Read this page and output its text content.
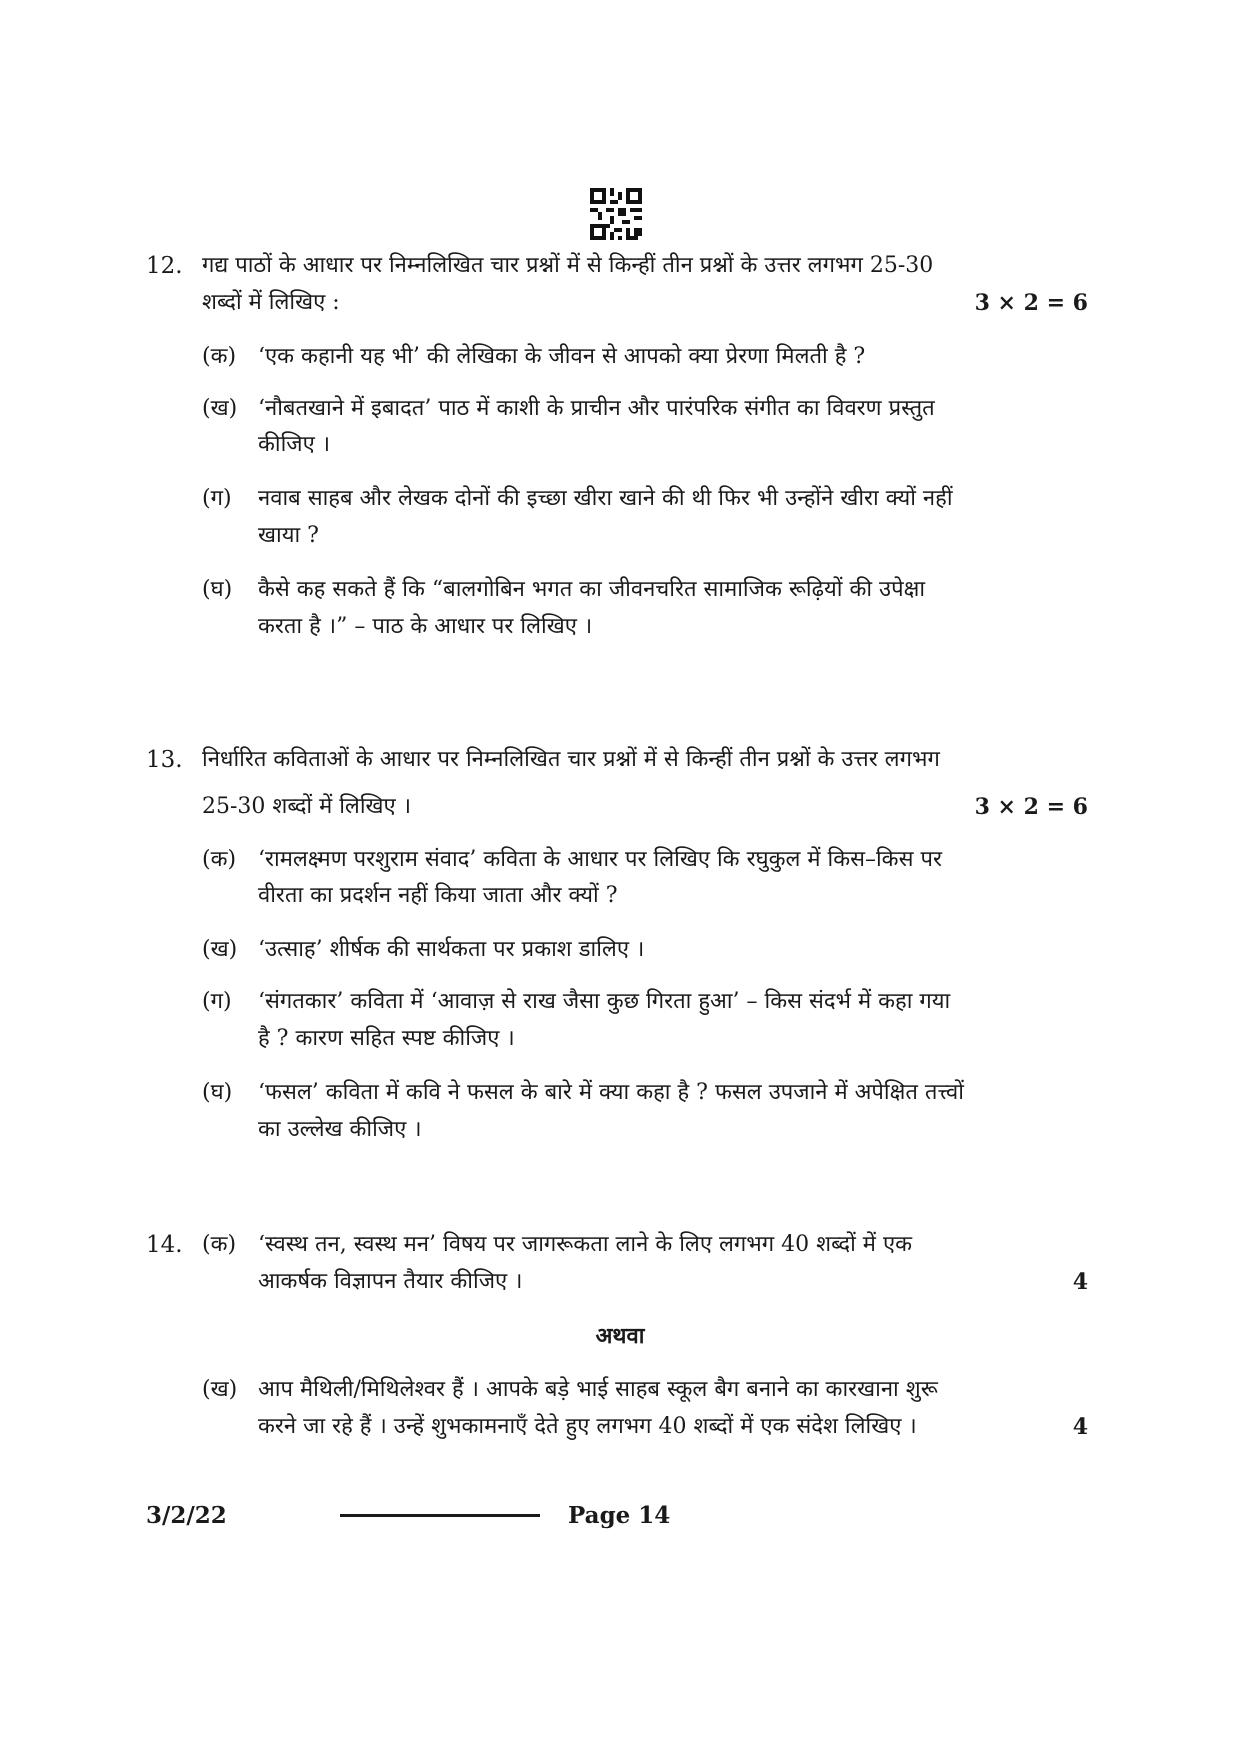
12. गद्य पाठों के आधार पर निम्नलिखित चार प्रश्नों में से किन्हीं तीन प्रश्नों के उत्तर लगभग 25-30
शब्दों में लिखिए :	3 × 2 = 6
(क) ‘एक कहानी यह भी’ की लेखिका के जीवन से आपको क्या प्रेरणा मिलती है ?
(ख) ‘नौबतखाने में इबादत’ पाठ में काशी के प्राचीन और पारंपरिक संगीत का विवरण प्रस्तुत
कीजिए ।
(ग) नवाब साहब और लेखक दोनों की इच्छा खीरा खाने की थी फिर भी उन्होंने खीरा क्यों नहीं
खाया ?
(घ) कैसे कह सकते हैं कि “बालगोबिन भगत का जीवनचरित सामाजिक रूढ़ियों की उपेक्षा
करता है ।” – पाठ के आधार पर लिखिए ।
13. निर्धारित कविताओं के आधार पर निम्नलिखित चार प्रश्नों में से किन्हीं तीन प्रश्नों के उत्तर लगभग
25-30 शब्दों में लिखिए ।	3 × 2 = 6
(क) ‘रामलक्ष्मण परशुराम संवाद’ कविता के आधार पर लिखिए कि रघुकुल में किस–किस पर
वीरता का प्रदर्शन नहीं किया जाता और क्यों ?
(ख) ‘उत्साह’ शीर्षक की सार्थकता पर प्रकाश डालिए ।
(ग) ‘संगतकार’ कविता में ‘आवाज़ से राख जैसा कुछ गिरता हुआ’ – किस संदर्भ में कहा गया
है ? कारण सहित स्पष्ट कीजिए ।
(घ) ‘फसल’ कविता में कवि ने फसल के बारे में क्या कहा है ? फसल उपजाने में अपेक्षित तत्त्वों
का उल्लेख कीजिए ।
14. (क) ‘स्वस्थ तन, स्वस्थ मन’ विषय पर जागरूकता लाने के लिए लगभग 40 शब्दों में एक
आकर्षक विज्ञापन तैयार कीजिए ।	4
अथवा
(ख) आप मैथिली/मिथिलेश्वर हैं । आपके बड़े भाई साहब स्कूल बैग बनाने का कारखाना शुरू
करने जा रहे हैं । उन्हें शुभकामनाएँ देते हुए लगभग 40 शब्दों में एक संदेश लिखिए ।	4
3/2/22	Page 14
